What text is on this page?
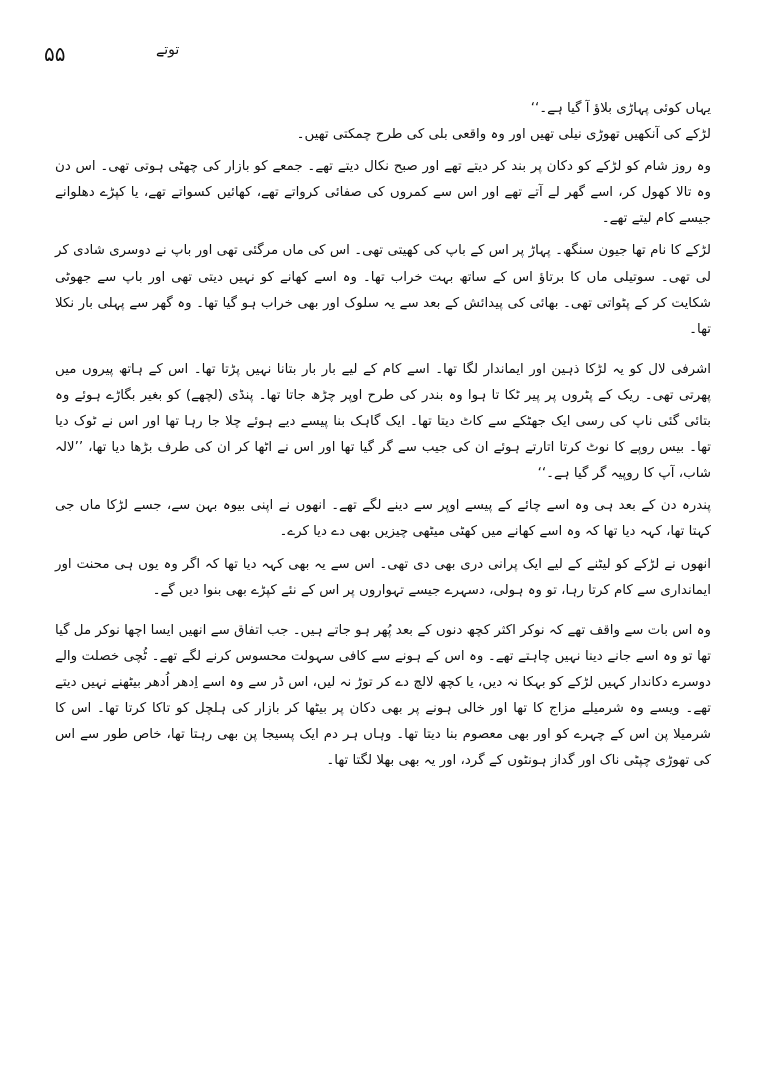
۵۵	توتے

یہاں کوئی پہاڑی بلاؤ آ گیا ہے۔‘‘

لڑکے کی آنکھیں تھوڑی نیلی تھیں اور وہ واقعی بلی کی طرح چمکتی تھیں۔

وہ روز شام کو لڑکے کو دکان پر بند کر دیتے تھے اور صبح نکال دیتے تھے۔ جمعے کو بازار کی چھٹی ہوتی تھی۔ اس دن وہ تالا کھول کر، اسے گھر لے آتے تھے اور اس سے کمروں کی صفائی کرواتے تھے، کھائیں کسواتے تھے، یا کپڑے دھلوانے جیسے کام لیتے تھے۔

لڑکے کا نام تھا جیون سنگھ۔ پہاڑ پر اس کے باپ کی کھیتی تھی۔ اس کی ماں مرگئی تھی اور باپ نے دوسری شادی کر لی تھی۔ سوتیلی ماں کا برتاؤ اس کے ساتھ بہت خراب تھا۔ وہ اسے کھانے کو نہیں دیتی تھی اور باپ سے جھوٹی شکایت کر کے پٹواتی تھی۔ بھائی کی پیدائش کے بعد سے یہ سلوک اور بھی خراب ہو گیا تھا۔ وہ گھر سے پہلی بار نکلا تھا۔

اشرفی لال کو یہ لڑکا ذہین اور ایماندار لگا تھا۔ اسے کام کے لیے بار بار بتانا نہیں پڑتا تھا۔ اس کے ہاتھ پیروں میں پھرتی تھی۔ ریک کے پٹروں پر پیر ٹکا تا ہوا وہ بندر کی طرح اوپر چڑھ جاتا تھا۔ پنڈی (لچھے) کو بغیر بگاڑے ہوئے وہ بتائی گئی ناپ کی رسی ایک جھٹکے سے کاٹ دیتا تھا۔ ایک گاہک بنا پیسے دیے ہوئے چلا جا رہا تھا اور اس نے ٹوک دیا تھا۔ بیس روپے کا نوٹ کرتا اتارتے ہوئے ان کی جیب سے گر گیا تھا اور اس نے اٹھا کر ان کی طرف بڑھا دیا تھا، ’’لالہ شاب، آپ کا روپیہ گر گیا ہے۔‘‘

پندرہ دن کے بعد ہی وہ اسے چائے کے پیسے اوپر سے دینے لگے تھے۔ انھوں نے اپنی بیوہ بہن سے، جسے لڑکا ماں جی کہتا تھا، کہہ دیا تھا کہ وہ اسے کھانے میں کھٹی میٹھی چیزیں بھی دے دیا کرے۔

انھوں نے لڑکے کو لیٹنے کے لیے ایک پرانی دری بھی دی تھی۔ اس سے یہ بھی کہہ دیا تھا کہ اگر وہ یوں ہی محنت اور ایمانداری سے کام کرتا رہا، تو وہ ہولی، دسہرے جیسے تہواروں پر اس کے نئے کپڑے بھی بنوا دیں گے۔

وہ اس بات سے واقف تھے کہ نوکر اکثر کچھ دنوں کے بعد پُھر ہو جاتے ہیں۔ جب اتفاق سے انھیں ایسا اچھا نوکر مل گیا تھا تو وہ اسے جانے دینا نہیں چاہتے تھے۔ وہ اس کے ہونے سے کافی سہولت محسوس کرنے لگے تھے۔ ٹُچی خصلت والے دوسرے دکاندار کہیں لڑکے کو بہکا نہ دیں، یا کچھ لالچ دے کر توڑ نہ لیں، اس ڈر سے وہ اسے اِدھر اُدھر بیٹھنے نہیں دیتے تھے۔ ویسے وہ شرمیلے مزاج کا تھا اور خالی ہونے پر بھی دکان پر بیٹھا کر بازار کی ہلچل کو تاکا کرتا تھا۔ اس کا شرمیلا پن اس کے چہرے کو اور بھی معصوم بنا دیتا تھا۔ وہاں ہر دم ایک پسیجا پن بھی رہتا تھا، خاص طور سے اس کی تھوڑی چپٹی ناک اور گداز ہونٹوں کے گرد، اور یہ بھی بھلا لگتا تھا۔
